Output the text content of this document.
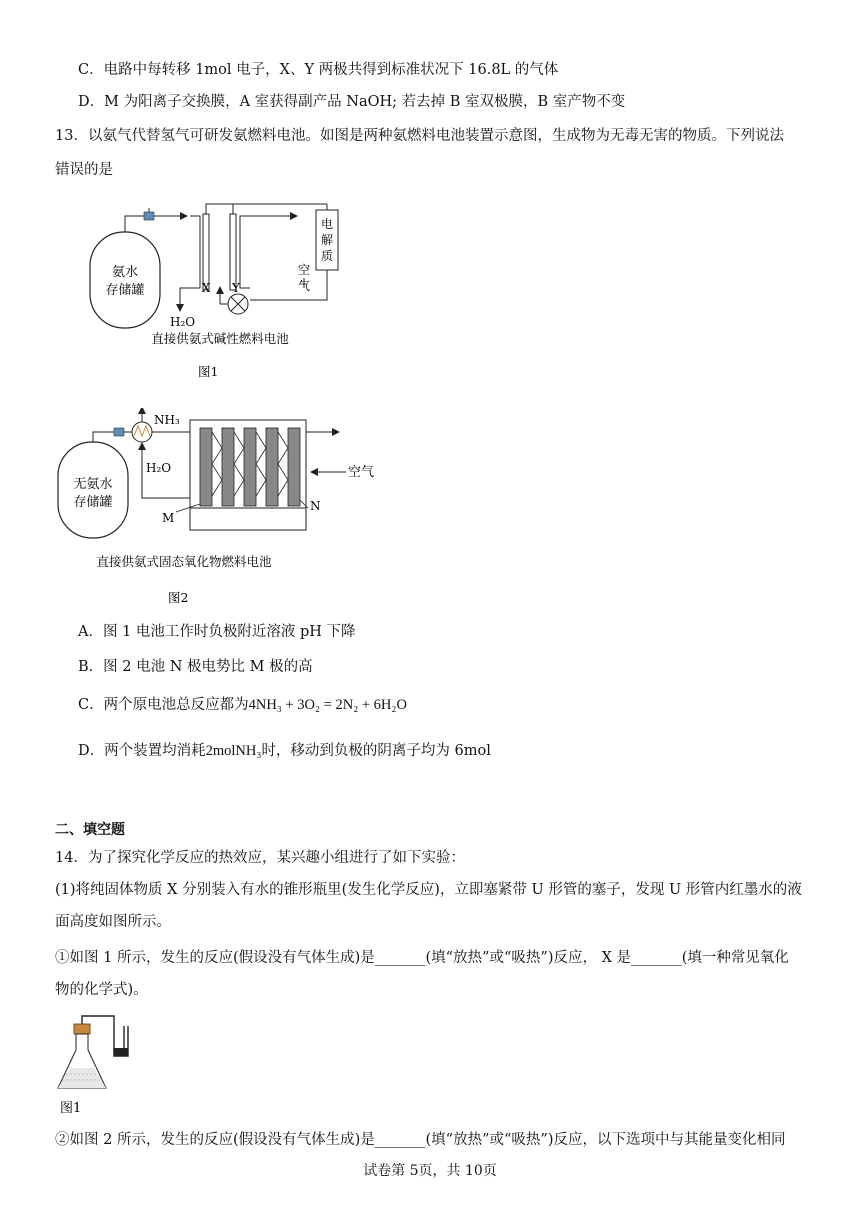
C．电路中每转移 1mol 电子，X、Y 两极共得到标准状况下 16.8L 的气体
D．M 为阳离子交换膜，A 室获得副产品 NaOH; 若去掉 B 室双极膜，B 室产物不变
13．以氨气代替氢气可研发氨燃料电池。如图是两种氨燃料电池装置示意图，生成物为无毒无害的物质。下列说法
错误的是
氨水
存储罐
电
解
质
空
气
X Y
H₂O
直接供氨式碱性燃料电池
图1
无氨水
存储罐
NH₃
H₂O	空气
M
N
直接供氨式固态氧化物燃料电池
图2
A．图 1 电池工作时负极附近溶液 pH 下降
B．图 2 电池 N 极电势比 M 极的高
C．两个原电池总反应都为4NH₃ + 3O₂ = 2N₂ + 6H₂O
D．两个装置均消耗2molNH₃时，移动到负极的阴离子均为 6mol
二、填空题
14．为了探究化学反应的热效应，某兴趣小组进行了如下实验：
(1)将纯固体物质 X 分别装入有水的锥形瓶里(发生化学反应)，立即塞紧带 U 形管的塞子，发现 U 形管内红墨水的液
面高度如图所示。
①如图 1 所示，发生的反应(假设没有气体生成)是_______(填“放热”或“吸热”)反应， X 是_______(填一种常见氧化
物的化学式)。
图1
②如图 2 所示，发生的反应(假设没有气体生成)是_______(填“放热”或“吸热”)反应，以下选项中与其能量变化相同
试卷第 5页，共 10页
